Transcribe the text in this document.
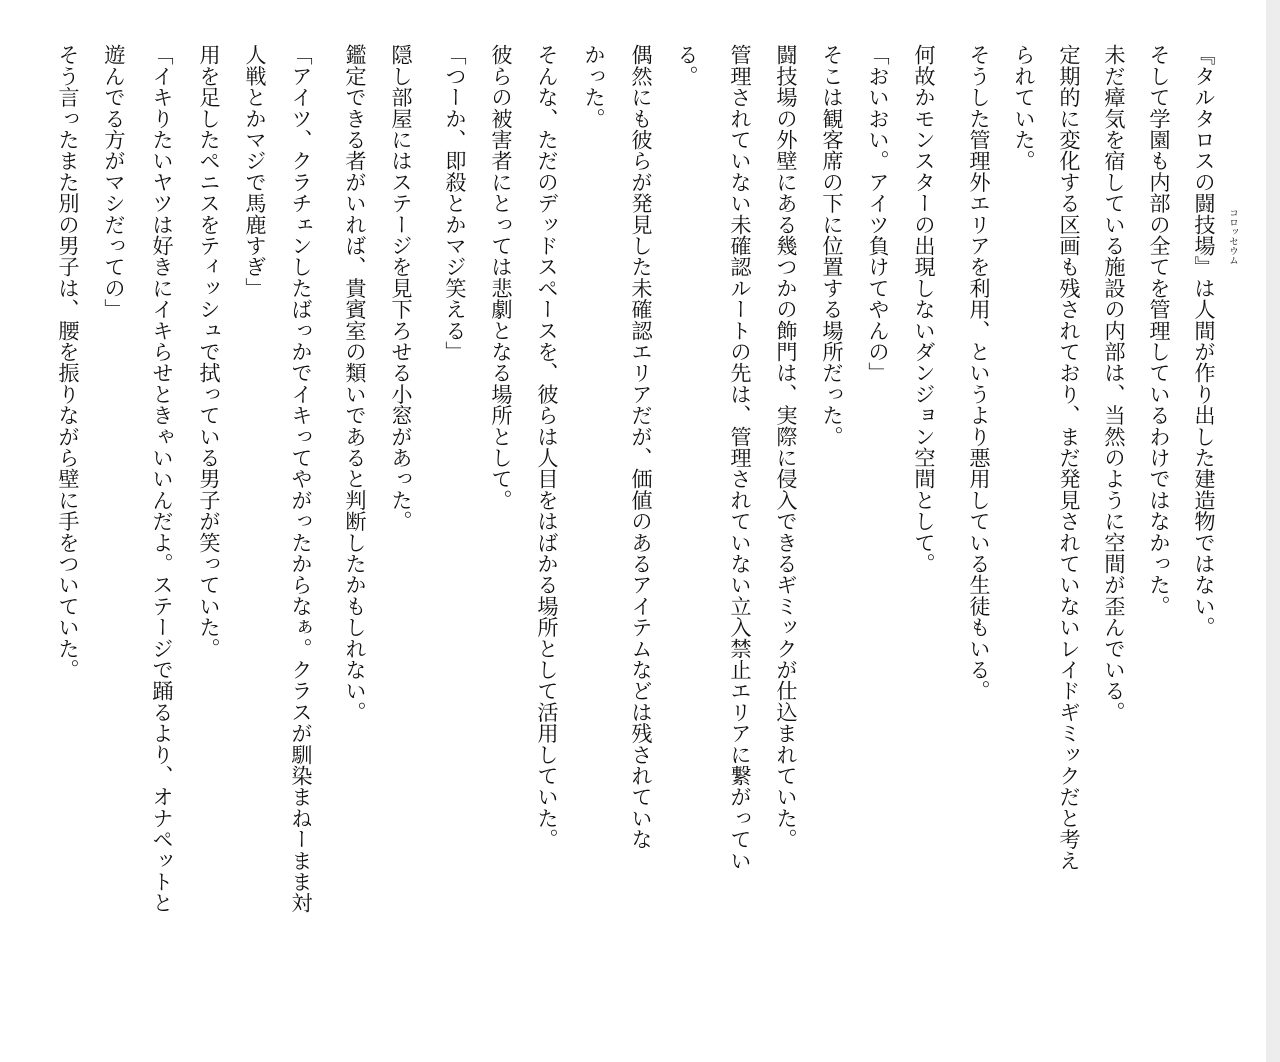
『タルタロスの闘技場』は人間が作り出した建造物ではない。
そして学園も内部の全てを管理しているわけではなかった。
未だ瘴気を宿している施設の内部は、当然のように空間が歪んでいる。
定期的に変化する区画も残されており、まだ発見されていないレイドギミックだと考え
られていた。
そうした管理外エリアを利用、というより悪用している生徒もいる。
何故かモンスターの出現しないダンジョン空間として。
「おいおい。アイツ負けてやんの」
そこは観客席の下に位置する場所だった。
闘技場の外壁にある幾つかの飾門は、実際に侵入できるギミックが仕込まれていた。
管理されていない未確認ルートの先は、管理されていない立入禁止エリアに繋がってい
る。
偶然にも彼らが発見した未確認エリアだが、価値のあるアイテムなどは残されていな
かった。
そんな、ただのデッドスペースを、彼らは人目をはばかる場所として活用していた。
彼らの被害者にとっては悲劇となる場所として。
「つーか、即殺とかマジ笑える」
隠し部屋にはステージを見下ろせる小窓があった。
鑑定できる者がいれば、貴賓室の類いであると判断したかもしれない。
「アイツ、クラチェンしたばっかでイキってやがったからなぁ。クラスが馴染まねーまま対
人戦とかマジで馬鹿すぎ」
用を足したペニスをティッシュで拭っている男子が笑っていた。
「イキりたいヤツは好きにイキらせときゃいいんだよ。ステージで踊るより、オナペットと
遊んでる方がマシだっての」
そう言ったまた別の男子は、腰を振りながら壁に手をついていた。	コロッセウム
